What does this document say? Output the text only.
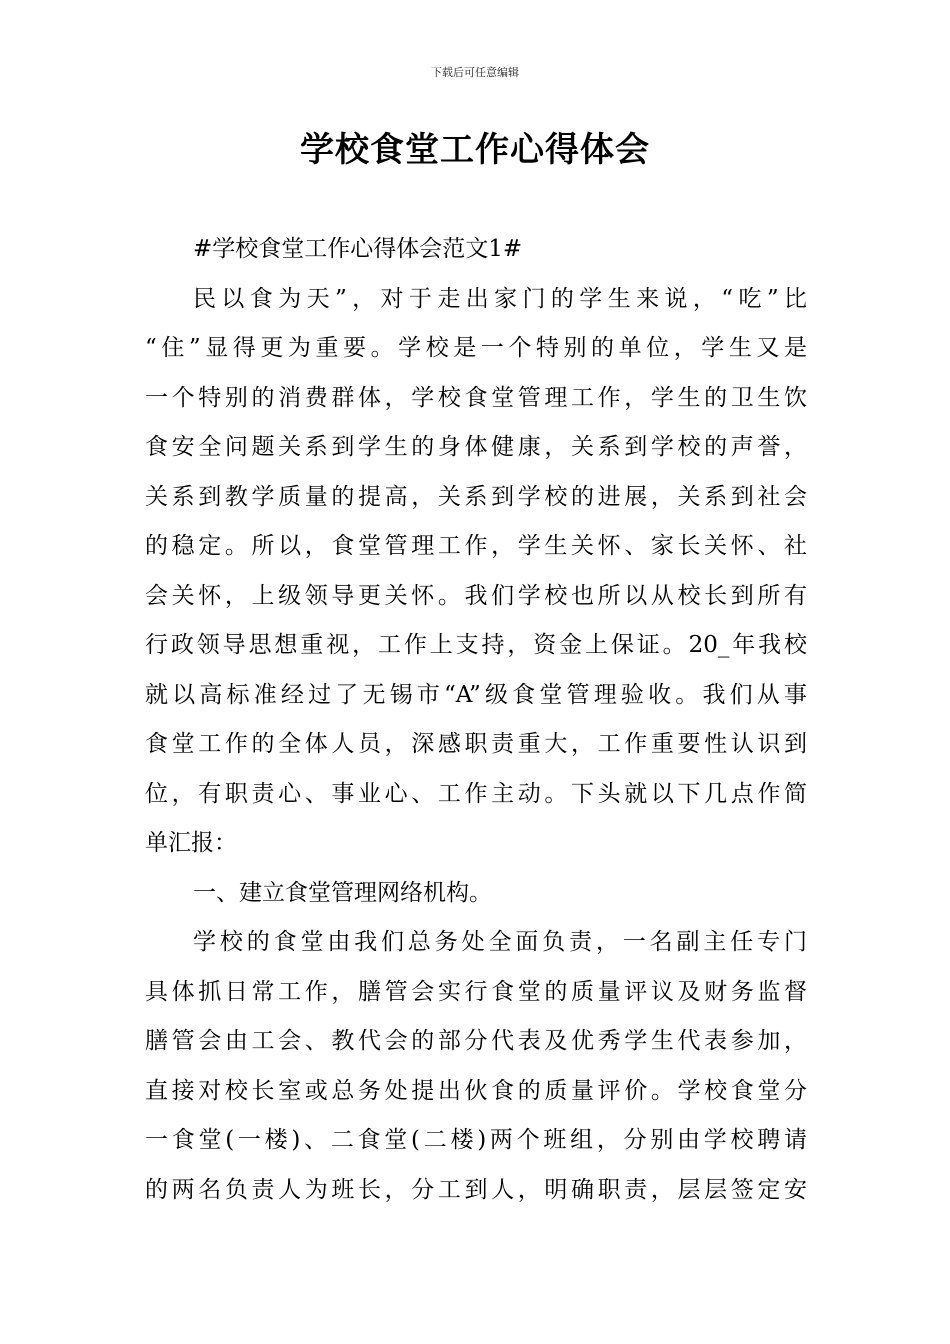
下载后可任意编辑
学校食堂工作心得体会
#学校食堂工作心得体会范文1#
民以食为天”，对于走出家门的学生来说，“吃”比
“住”显得更为重要。学校是一个特别的单位，学生又是
一个特别的消费群体，学校食堂管理工作，学生的卫生饮
食安全问题关系到学生的身体健康，关系到学校的声誉，
关系到教学质量的提高，关系到学校的进展，关系到社会
的稳定。所以，食堂管理工作，学生关怀、家长关怀、社
会关怀，上级领导更关怀。我们学校也所以从校长到所有
行政领导思想重视，工作上支持，资金上保证。20_年我校
就以高标准经过了无锡市“A”级食堂管理验收。我们从事
食堂工作的全体人员，深感职责重大，工作重要性认识到
位，有职责心、事业心、工作主动。下头就以下几点作简
单汇报：
一、建立食堂管理网络机构。
学校的食堂由我们总务处全面负责，一名副主任专门
具体抓日常工作，膳管会实行食堂的质量评议及财务监督
膳管会由工会、教代会的部分代表及优秀学生代表参加，
直接对校长室或总务处提出伙食的质量评价。学校食堂分
一食堂(一楼)、二食堂(二楼)两个班组，分别由学校聘请
的两名负责人为班长，分工到人，明确职责，层层签定安
